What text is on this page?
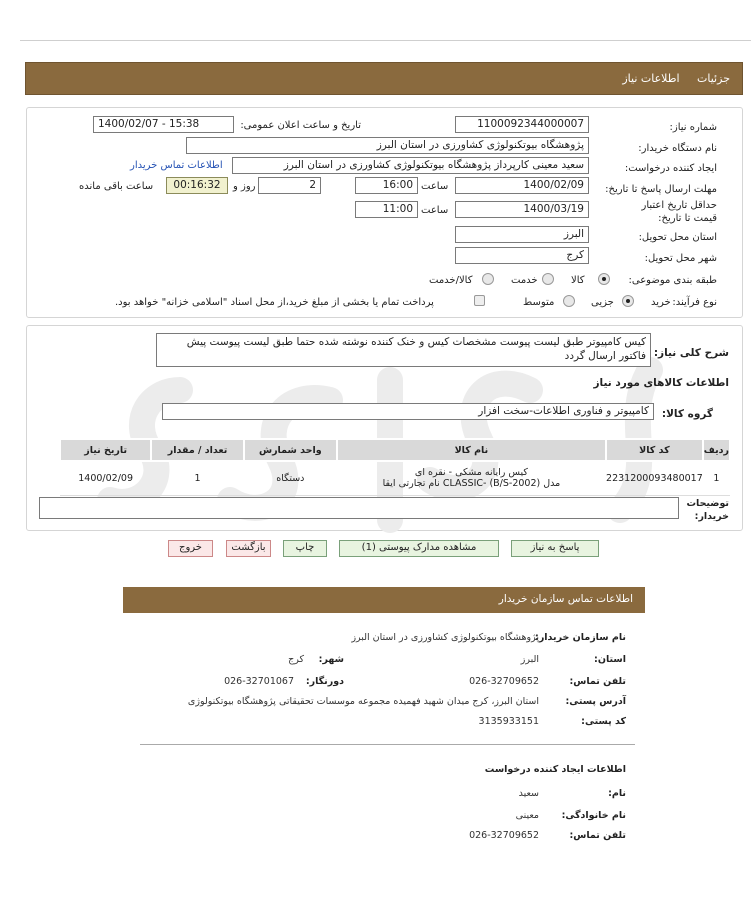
جزئیات اطلاعات نیاز
شماره نیاز:
1100092344000007
تاریخ و ساعت اعلان عمومی:
1400/02/07 - 15:38
نام دستگاه خریدار:
پژوهشگاه بیوتکنولوژی کشاورزی در استان البرز
ایجاد کننده درخواست:
سعید معینی کارپرداز پژوهشگاه بیوتکنولوژی کشاورزی در استان البرز
اطلاعات تماس خریدار
مهلت ارسال پاسخ تا تاریخ:
1400/02/09
ساعت
16:00
2
روز و
00:16:32
ساعت باقی مانده
حداقل تاریخ اعتبار قیمت تا تاریخ:
1400/03/19
ساعت
11:00
استان محل تحویل:
البرز
شهر محل تحویل:
کرج
طبقه بندی موضوعی:
کالا
خدمت
کالا/خدمت
نوع فرآیند:
خرید
جزیی
متوسط
پرداخت تمام یا بخشی از مبلغ خرید،از محل اسناد "اسلامی خزانه" خواهد بود.
شرح کلی نیاز:
کیس کامپیوتر طبق لیست پیوست مشخصات کیس و خنک کننده نوشته شده حتما طبق لیست پیوست پیش فاکتور ارسال گردد
اطلاعات کالاهای مورد نیاز
گروه کالا:
کامپیوتر و فناوری اطلاعات-سخت افزار
ردیف	کد کالا	نام کالا	واحد شمارش	تعداد / مقدار	تاریخ نیاز
1	2231200093480017	کیس رایانه مشکی - نقره ای
مدل (CLASSIC- (B/S-2002 نام تجارتی ایقا	دستگاه	1	1400/02/09
توضیحات خریدار:
پاسخ به نیاز
مشاهده مدارک پیوستی (1)
چاپ
بازگشت
خروج
اطلاعات تماس سازمان خریدار
نام سازمان خریدار:
پژوهشگاه بیوتکنولوژی کشاورزی در استان البرز
استان:
البرز
شهر:
کرج
تلفن تماس:
026-32709652
دورنگار:
026-32701067
آدرس پستی:
استان البرز، کرج میدان شهید فهمیده مجموعه موسسات تحقیقاتی پژوهشگاه بیوتکنولوژی
کد پستی:
3135933151
اطلاعات ایجاد کننده درخواست
نام:
سعید
نام خانوادگی:
معینی
تلفن تماس:
026-32709652
